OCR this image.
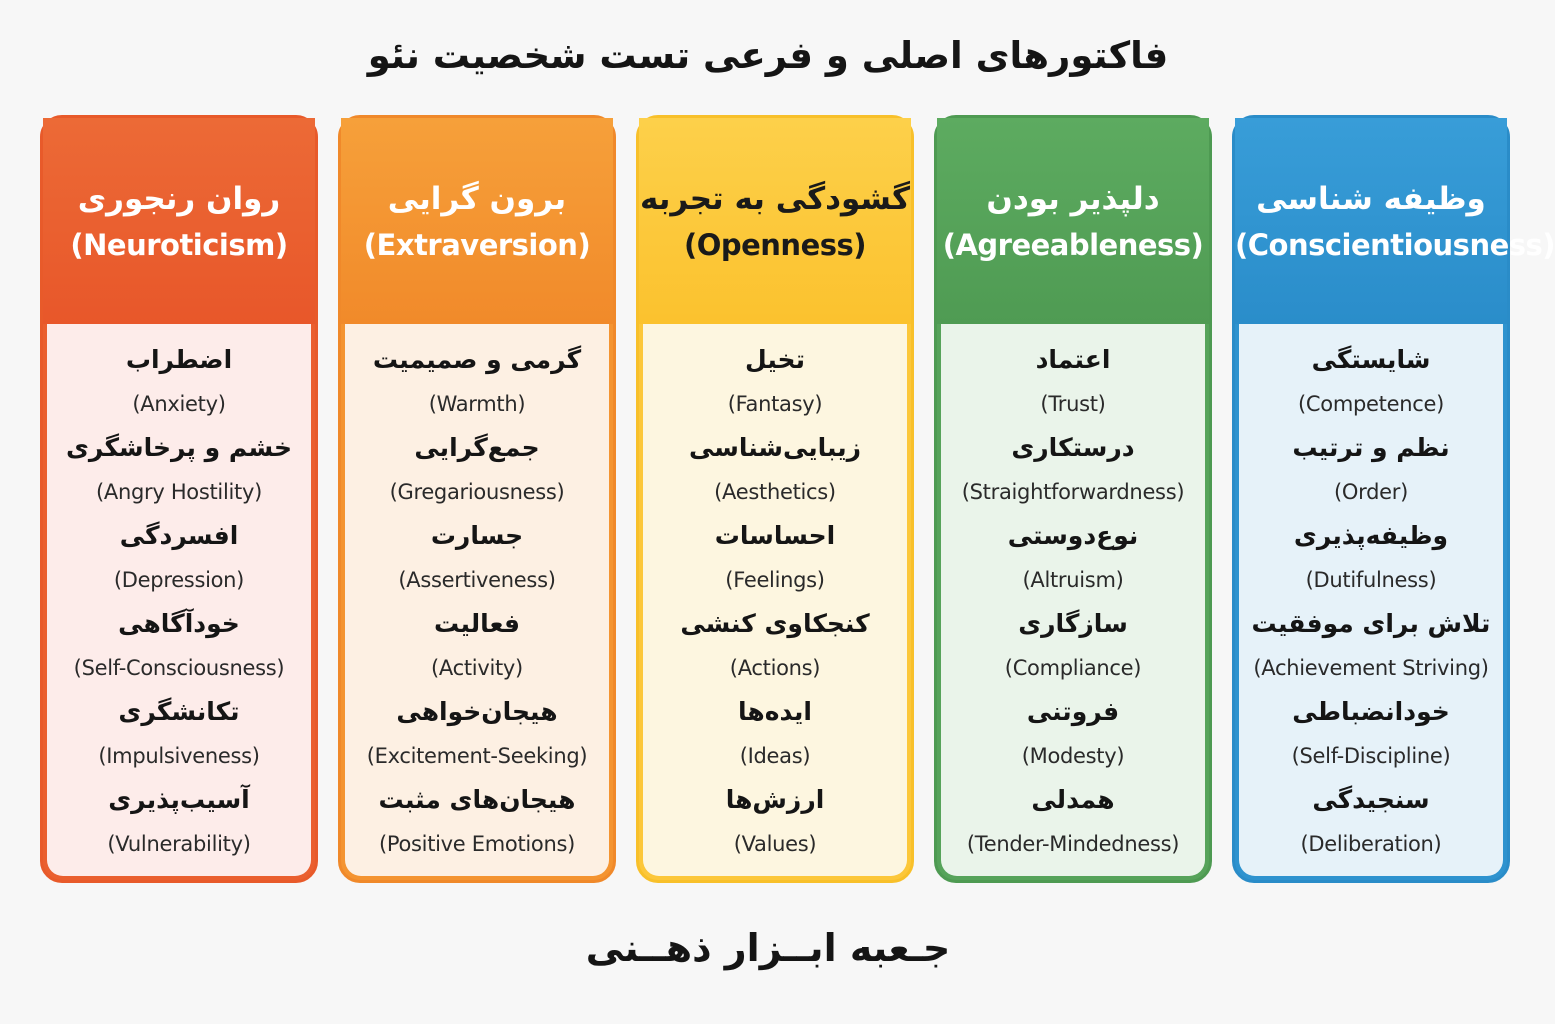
فاکتورهای اصلی و فرعی تست شخصیت نئو
روان رنجوری
(Neuroticism)
اضطراب
(Anxiety)
خشم و پرخاشگری
(Angry Hostility)
افسردگی
(Depression)
خودآگاهی
(Self-Consciousness)
تکانشگری
(Impulsiveness)
آسیب‌پذیری
(Vulnerability)
برون گرایی
(Extraversion)
گرمی و صمیمیت
(Warmth)
جمع‌گرایی
(Gregariousness)
جسارت
(Assertiveness)
فعالیت
(Activity)
هیجان‌خواهی
(Excitement-Seeking)
هیجان‌های مثبت
(Positive Emotions)
گشودگی به تجربه
(Openness)
تخیل
(Fantasy)
زیبایی‌شناسی
(Aesthetics)
احساسات
(Feelings)
کنجکاوی کنشی
(Actions)
ایده‌ها
(Ideas)
ارزش‌ها
(Values)
دلپذیر بودن
(Agreeableness)
اعتماد
(Trust)
درستکاری
(Straightforwardness)
نوع‌دوستی
(Altruism)
سازگاری
(Compliance)
فروتنی
(Modesty)
همدلی
(Tender-Mindedness)
وظیفه شناسی
(Conscientiousness)
شایستگی
(Competence)
نظم و ترتیب
(Order)
وظیفه‌پذیری
(Dutifulness)
تلاش برای موفقیت
(Achievement Striving)
خودانضباطی
(Self-Discipline)
سنجیدگی
(Deliberation)
جـعبه ابــزار ذهــنی
